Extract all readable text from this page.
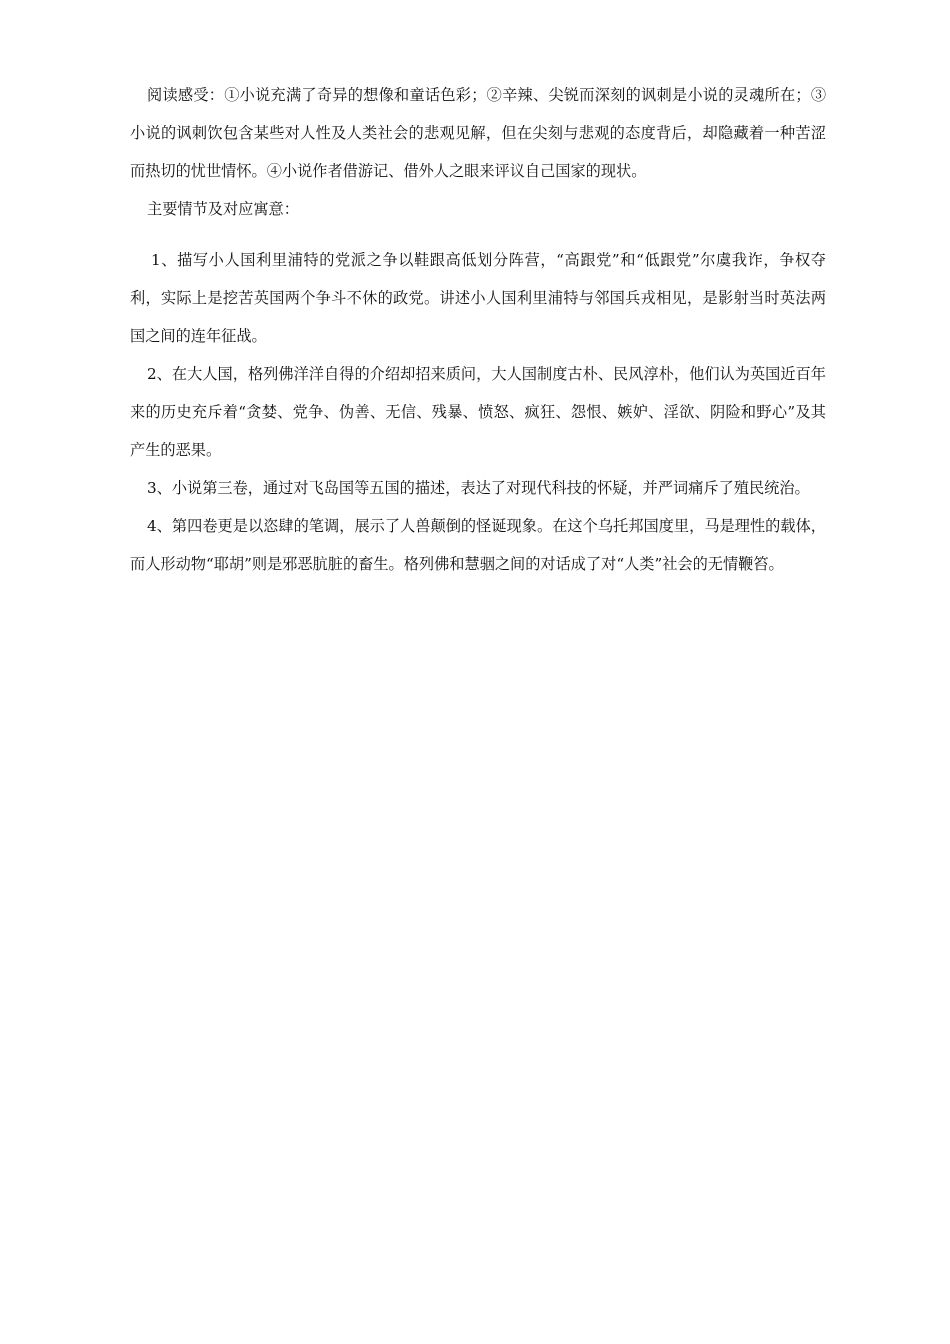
阅读感受：①小说充满了奇异的想像和童话色彩；②辛辣、尖锐而深刻的讽刺是小说的灵魂所在；③小说的讽刺饮包含某些对人性及人类社会的悲观见解，但在尖刻与悲观的态度背后，却隐藏着一种苦涩而热切的忧世情怀。④小说作者借游记、借外人之眼来评议自己国家的现状。

主要情节及对应寓意：

1、描写小人国利里浦特的党派之争以鞋跟高低划分阵营，“高跟党”和“低跟党”尔虞我诈，争权夺利，实际上是挖苦英国两个争斗不休的政党。讲述小人国利里浦特与邻国兵戎相见，是影射当时英法两国之间的连年征战。

2、在大人国，格列佛洋洋自得的介绍却招来质问，大人国制度古朴、民风淳朴，他们认为英国近百年来的历史充斥着“贪婪、党争、伪善、无信、残暴、愤怒、疯狂、怨恨、嫉妒、淫欲、阴险和野心”及其产生的恶果。

3、小说第三卷，通过对飞岛国等五国的描述，表达了对现代科技的怀疑，并严词痛斥了殖民统治。

4、第四卷更是以恣肆的笔调，展示了人兽颠倒的怪诞现象。在这个乌托邦国度里，马是理性的载体，而人形动物“耶胡”则是邪恶肮脏的畜生。格列佛和慧骃之间的对话成了对“人类”社会的无情鞭笞。
